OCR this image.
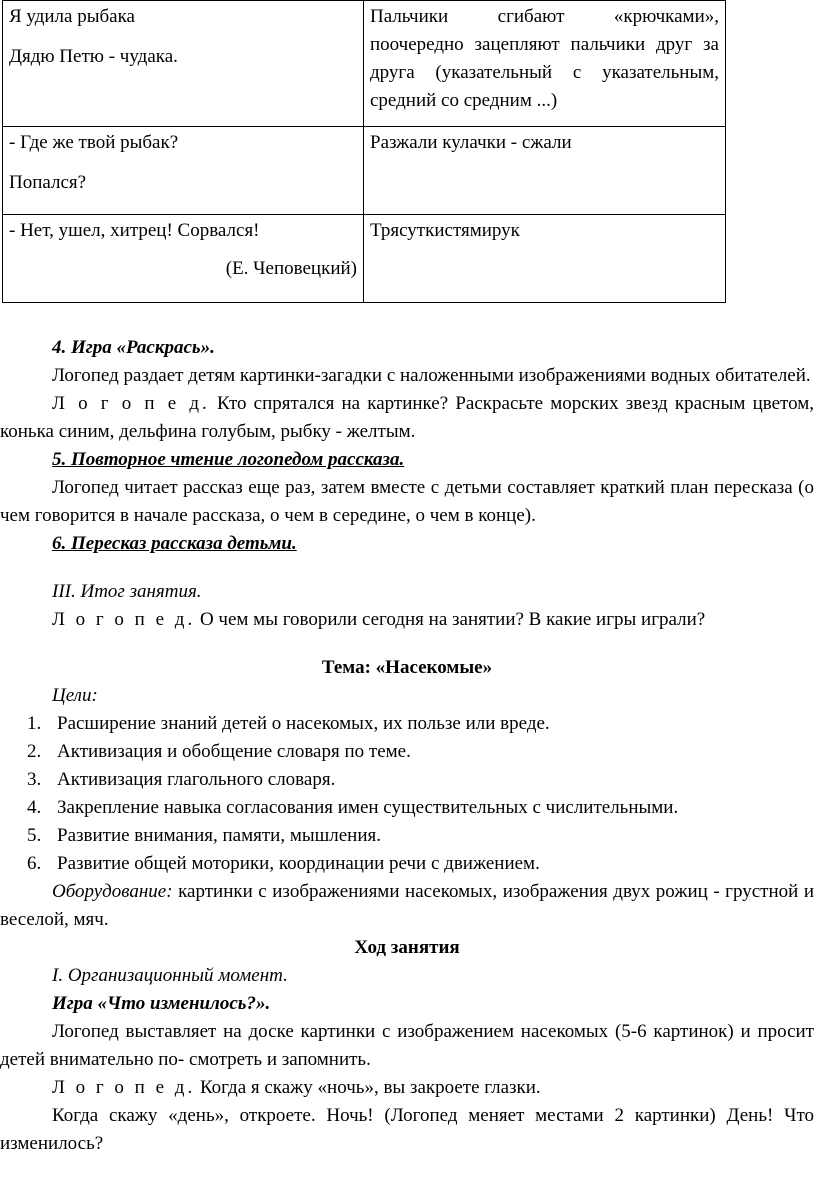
Я удила рыбака
Дядю Петю - чудака.	Пальчики сгибают «крючками», поочередно зацепляют пальчики друг за друга (указательный с указательным, средний со средним ...)

- Где же твой рыбак?
Попался?	Разжали кулачки - сжали

- Нет, ушел, хитрец! Сорвался!
(Е. Чеповецкий)	Трясуткистямирук

4. Игра «Раскрась».

Логопед раздает детям картинки-загадки с наложенными изображениями водных обитателей.

Л о г о п е д. Кто спрятался на картинке? Раскрасьте морских звезд красным цветом, конька синим, дельфина голубым, рыбку - желтым.

5. Повторное чтение логопедом рассказа.

Логопед читает рассказ еще раз, затем вместе с детьми составляет краткий план пересказа (о чем говорится в начале рассказа, о чем в середине, о чем в конце).

6. Пересказ рассказа детьми.

III. Итог занятия.

Л о г о п е д. О чем мы говорили сегодня на занятии? В какие игры играли?

Тема: «Насекомые»

Цели:

1. Расширение знаний детей о насекомых, их пользе или вреде.
2. Активизация и обобщение словаря по теме.
3. Активизация глагольного словаря.
4. Закрепление навыка согласования имен существительных с числительными.
5. Развитие внимания, памяти, мышления.
6. Развитие общей моторики, координации речи с движением.

Оборудование: картинки с изображениями насекомых, изображения двух рожиц - грустной и веселой, мяч.

Ход занятия

I. Организационный момент.

Игра «Что изменилось?».

Логопед выставляет на доске картинки с изображением насекомых (5-6 картинок) и просит детей внимательно по- смотреть и запомнить.

Л о г о п е д. Когда я скажу «ночь», вы закроете глазки.

Когда скажу «день», откроете. Ночь! (Логопед меняет местами 2 картинки) День! Что изменилось?
